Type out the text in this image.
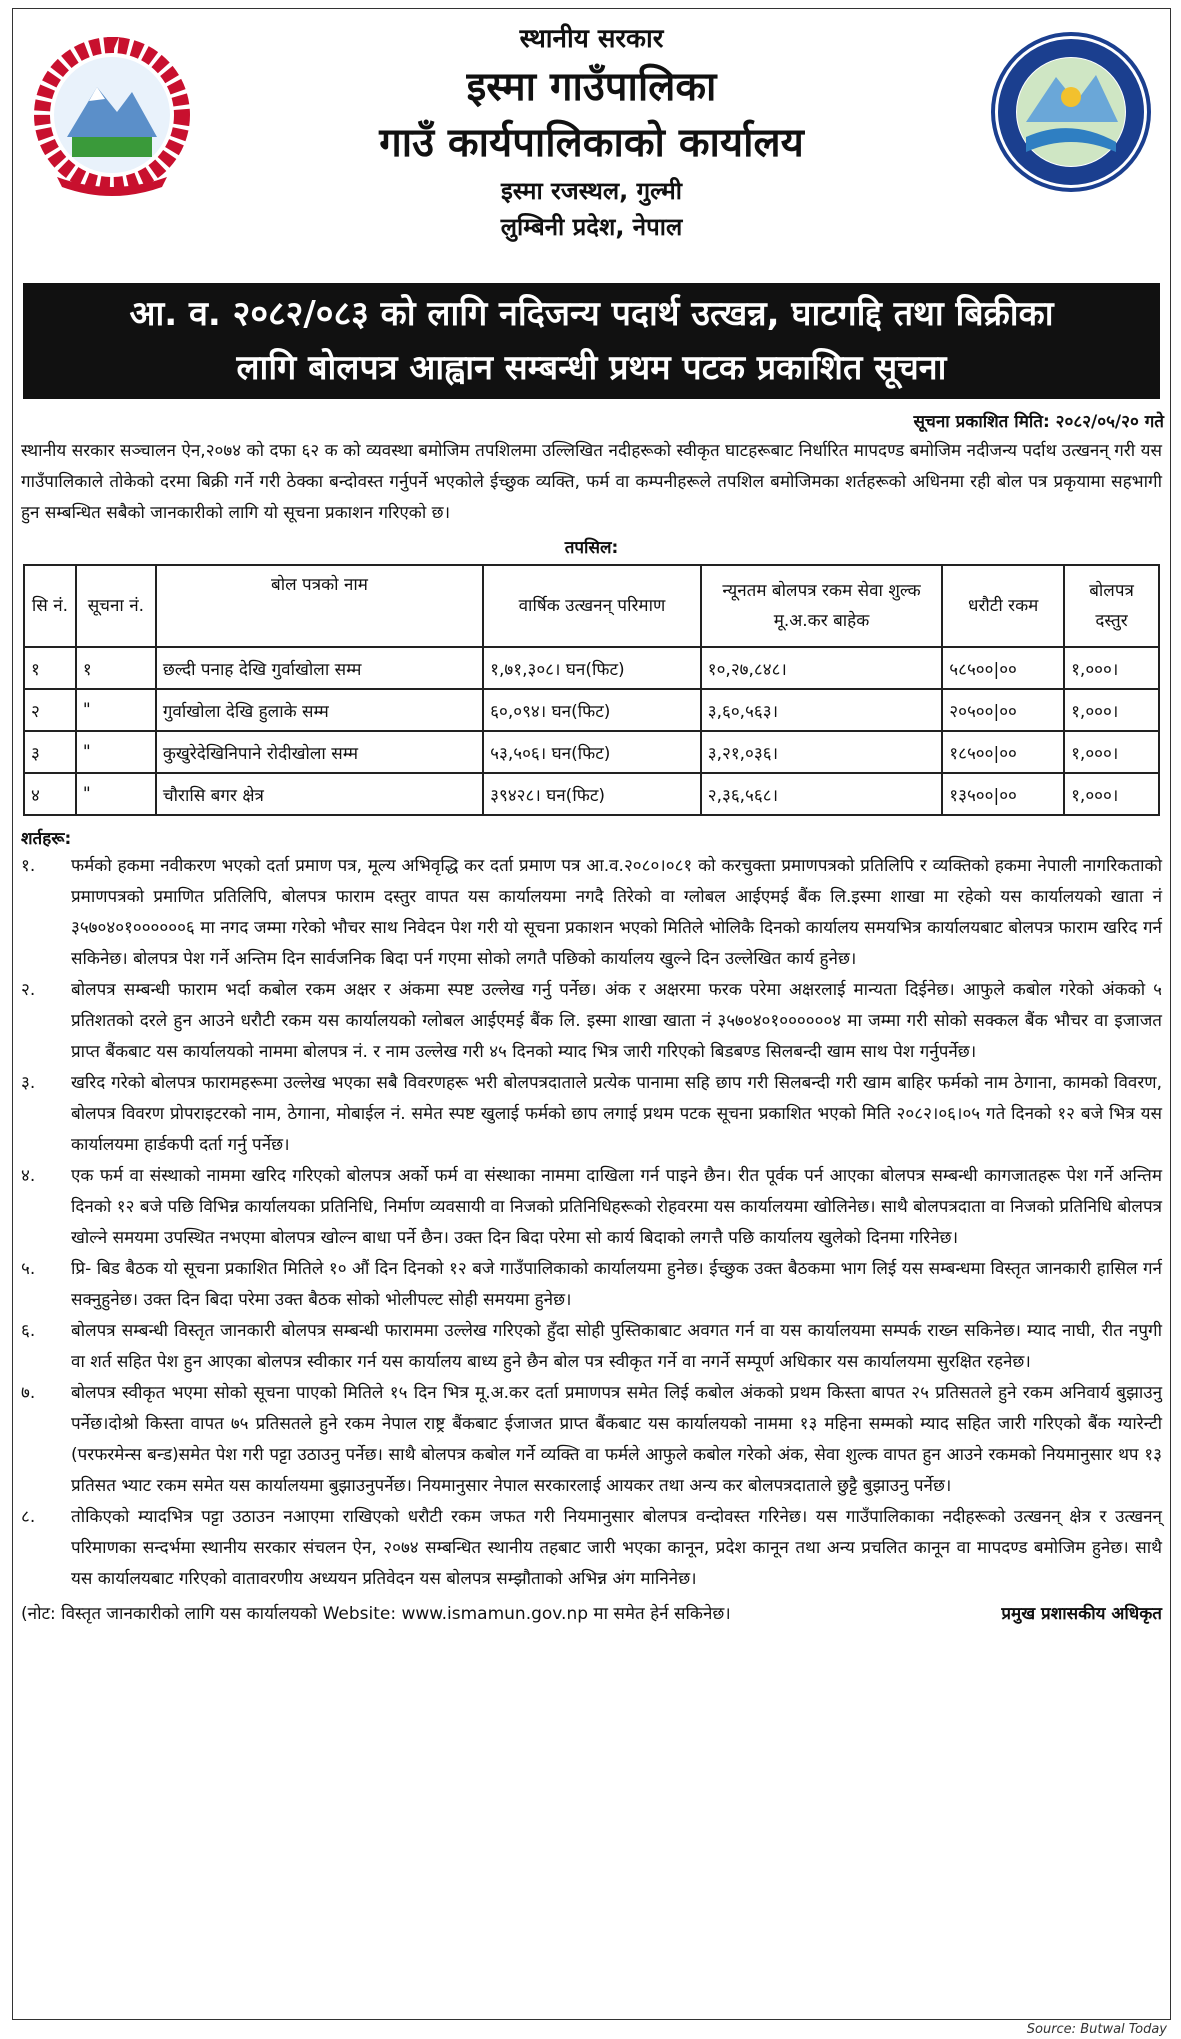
स्थानीय सरकार
इस्मा गाउँपालिका
गाउँ कार्यपालिकाको कार्यालय
इस्मा रजस्थल, गुल्मी
लुम्बिनी प्रदेश, नेपाल
आ. व. २०८२/०८३ को लागि नदिजन्य पदार्थ उत्खन्न, घाटगद्दि तथा बिक्रीका
लागि बोलपत्र आह्वान सम्बन्धी प्रथम पटक प्रकाशित सूचना
सूचना प्रकाशित मिति: २०८२/०५/२० गते
स्थानीय सरकार सञ्चालन ऐन,२०७४ को दफा ६२ क को व्यवस्था बमोजिम तपशिलमा उल्लिखित नदीहरूको स्वीकृत घाटहरूबाट निर्धारित मापदण्ड बमोजिम नदीजन्य पर्दाथ उत्खनन् गरी यस गाउँपालिकाले तोकेको दरमा बिक्री गर्ने गरी ठेक्का बन्दोवस्त गर्नुपर्ने भएकोले ईच्छुक व्यक्ति, फर्म वा कम्पनीहरूले तपशिल बमोजिमका शर्तहरूको अधिनमा रही बोल पत्र प्रकृयामा सहभागी हुन सम्बन्धित सबैको जानकारीको लागि यो सूचना प्रकाशन गरिएको छ।
तपसिल:
सि नं.	सूचना नं.	बोल पत्रको नाम	वार्षिक उत्खनन् परिमाण	न्यूनतम बोलपत्र रकम सेवा शुल्क मू.अ.कर बाहेक	धरौटी रकम	बोलपत्र दस्तुर
१	१	छल्दी पनाह देखि गुर्वाखोला सम्म	१,७१,३०८। घन(फिट)	१०,२७,८४८।	५८५००|००	१,०००।
२	"	गुर्वाखोला देखि हुलाके सम्म	६०,०९४। घन(फिट)	३,६०,५६३।	२०५००|००	१,०००।
३	"	कुखुरेदेखिनिपाने रोदीखोला सम्म	५३,५०६। घन(फिट)	३,२१,०३६।	१८५००|००	१,०००।
४	"	चौरासि बगर क्षेत्र	३९४२८। घन(फिट)	२,३६,५६८।	१३५००|००	१,०००।
शर्तहरू:
१.	फर्मको हकमा नवीकरण भएको दर्ता प्रमाण पत्र, मूल्य अभिवृद्धि कर दर्ता प्रमाण पत्र आ.व.२०८०।०८१ को करचुक्ता प्रमाणपत्रको प्रतिलिपि र व्यक्तिको हकमा नेपाली नागरिकताको प्रमाणपत्रको प्रमाणित प्रतिलिपि, बोलपत्र फाराम दस्तुर वापत यस कार्यालयमा नगदै तिरेको वा ग्लोबल आईएमई बैंक लि.इस्मा शाखा मा रहेको यस कार्यालयको खाता नं ३५७०४०१००००००६ मा नगद जम्मा गरेको भौचर साथ निवेदन पेश गरी यो सूचना प्रकाशन भएको मितिले भोलिकै दिनको कार्यालय समयभित्र कार्यालयबाट बोलपत्र फाराम खरिद गर्न सकिनेछ। बोलपत्र पेश गर्ने अन्तिम दिन सार्वजनिक बिदा पर्न गएमा सोको लगतै पछिको कार्यालय खुल्ने दिन उल्लेखित कार्य हुनेछ।
२.	बोलपत्र सम्बन्धी फाराम भर्दा कबोल रकम अक्षर र अंकमा स्पष्ट उल्लेख गर्नु पर्नेछ। अंक र अक्षरमा फरक परेमा अक्षरलाई मान्यता दिईनेछ। आफुले कबोल गरेको अंकको ५ प्रतिशतको दरले हुन आउने धरौटी रकम यस कार्यालयको ग्लोबल आईएमई बैंक लि. इस्मा शाखा खाता नं ३५७०४०१००००००४ मा जम्मा गरी सोको सक्कल बैंक भौचर वा इजाजत प्राप्त बैंकबाट यस कार्यालयको नाममा बोलपत्र नं. र नाम उल्लेख गरी ४५ दिनको म्याद भित्र जारी गरिएको बिडबण्ड सिलबन्दी खाम साथ पेश गर्नुपर्नेछ।
३.	खरिद गरेको बोलपत्र फारामहरूमा उल्लेख भएका सबै विवरणहरू भरी बोलपत्रदाताले प्रत्येक पानामा सहि छाप गरी सिलबन्दी गरी खाम बाहिर फर्मको नाम ठेगाना, कामको विवरण, बोलपत्र विवरण प्रोपराइटरको नाम, ठेगाना, मोबाईल नं. समेत स्पष्ट खुलाई फर्मको छाप लगाई प्रथम पटक सूचना प्रकाशित भएको मिति २०८२।०६।०५ गते दिनको १२ बजे भित्र यस कार्यालयमा हार्डकपी दर्ता गर्नु पर्नेछ।
४.	एक फर्म वा संस्थाको नाममा खरिद गरिएको बोलपत्र अर्को फर्म वा संस्थाका नाममा दाखिला गर्न पाइने छैन। रीत पूर्वक पर्न आएका बोलपत्र सम्बन्धी कागजातहरू पेश गर्ने अन्तिम दिनको १२ बजे पछि विभिन्न कार्यालयका प्रतिनिधि, निर्माण व्यवसायी वा निजको प्रतिनिधिहरूको रोहवरमा यस कार्यालयमा खोलिनेछ। साथै बोलपत्रदाता वा निजको प्रतिनिधि बोलपत्र खोल्ने समयमा उपस्थित नभएमा बोलपत्र खोल्न बाधा पर्ने छैन। उक्त दिन बिदा परेमा सो कार्य बिदाको लगत्तै पछि कार्यालय खुलेको दिनमा गरिनेछ।
५.	प्रि- बिड बैठक यो सूचना प्रकाशित मितिले १० औं दिन दिनको १२ बजे गाउँपालिकाको कार्यालयमा हुनेछ। ईच्छुक उक्त बैठकमा भाग लिई यस सम्बन्धमा विस्तृत जानकारी हासिल गर्न सक्नुहुनेछ। उक्त दिन बिदा परेमा उक्त बैठक सोको भोलीपल्ट सोही समयमा हुनेछ।
६.	बोलपत्र सम्बन्धी विस्तृत जानकारी बोलपत्र सम्बन्धी फाराममा उल्लेख गरिएको हुँदा सोही पुस्तिकाबाट अवगत गर्न वा यस कार्यालयमा सम्पर्क राख्न सकिनेछ। म्याद नाघी, रीत नपुगी वा शर्त सहित पेश हुन आएका बोलपत्र स्वीकार गर्न यस कार्यालय बाध्य हुने छैन बोल पत्र स्वीकृत गर्ने वा नगर्ने सम्पूर्ण अधिकार यस कार्यालयमा सुरक्षित रहनेछ।
७.	बोलपत्र स्वीकृत भएमा सोको सूचना पाएको मितिले १५ दिन भित्र मू.अ.कर दर्ता प्रमाणपत्र समेत लिई कबोल अंकको प्रथम किस्ता बापत २५ प्रतिसतले हुने रकम अनिवार्य बुझाउनु पर्नेछ।दोश्रो किस्ता वापत ७५ प्रतिसतले हुने रकम नेपाल राष्ट्र बैंकबाट ईजाजत प्राप्त बैंकबाट यस कार्यालयको नाममा १३ महिना सम्मको म्याद सहित जारी गरिएको बैंक ग्यारेन्टी (परफरमेन्स बन्ड)समेत पेश गरी पट्टा उठाउनु पर्नेछ। साथै बोलपत्र कबोल गर्ने व्यक्ति वा फर्मले आफुले कबोल गरेको अंक, सेवा शुल्क वापत हुन आउने रकमको नियमानुसार थप १३ प्रतिसत भ्याट रकम समेत यस कार्यालयमा बुझाउनुपर्नेछ। नियमानुसार नेपाल सरकारलाई आयकर तथा अन्य कर बोलपत्रदाताले छुट्टै बुझाउनु पर्नेछ।
८.	तोकिएको म्यादभित्र पट्टा उठाउन नआएमा राखिएको धरौटी रकम जफत गरी नियमानुसार बोलपत्र वन्दोवस्त गरिनेछ। यस गाउँपालिकाका नदीहरूको उत्खनन् क्षेत्र र उत्खनन् परिमाणका सन्दर्भमा स्थानीय सरकार संचलन ऐन, २०७४ सम्बन्धित स्थानीय तहबाट जारी भएका कानून, प्रदेश कानून तथा अन्य प्रचलित कानून वा मापदण्ड बमोजिम हुनेछ। साथै यस कार्यालयबाट गरिएको वातावरणीय अध्ययन प्रतिवेदन यस बोलपत्र सम्झौताको अभिन्न अंग मानिनेछ।
(नोट: विस्तृत जानकारीको लागि यस कार्यालयको Website: www.ismamun.gov.np मा समेत हेर्न सकिनेछ।	प्रमुख प्रशासकीय अधिकृत
Source: Butwal Today
